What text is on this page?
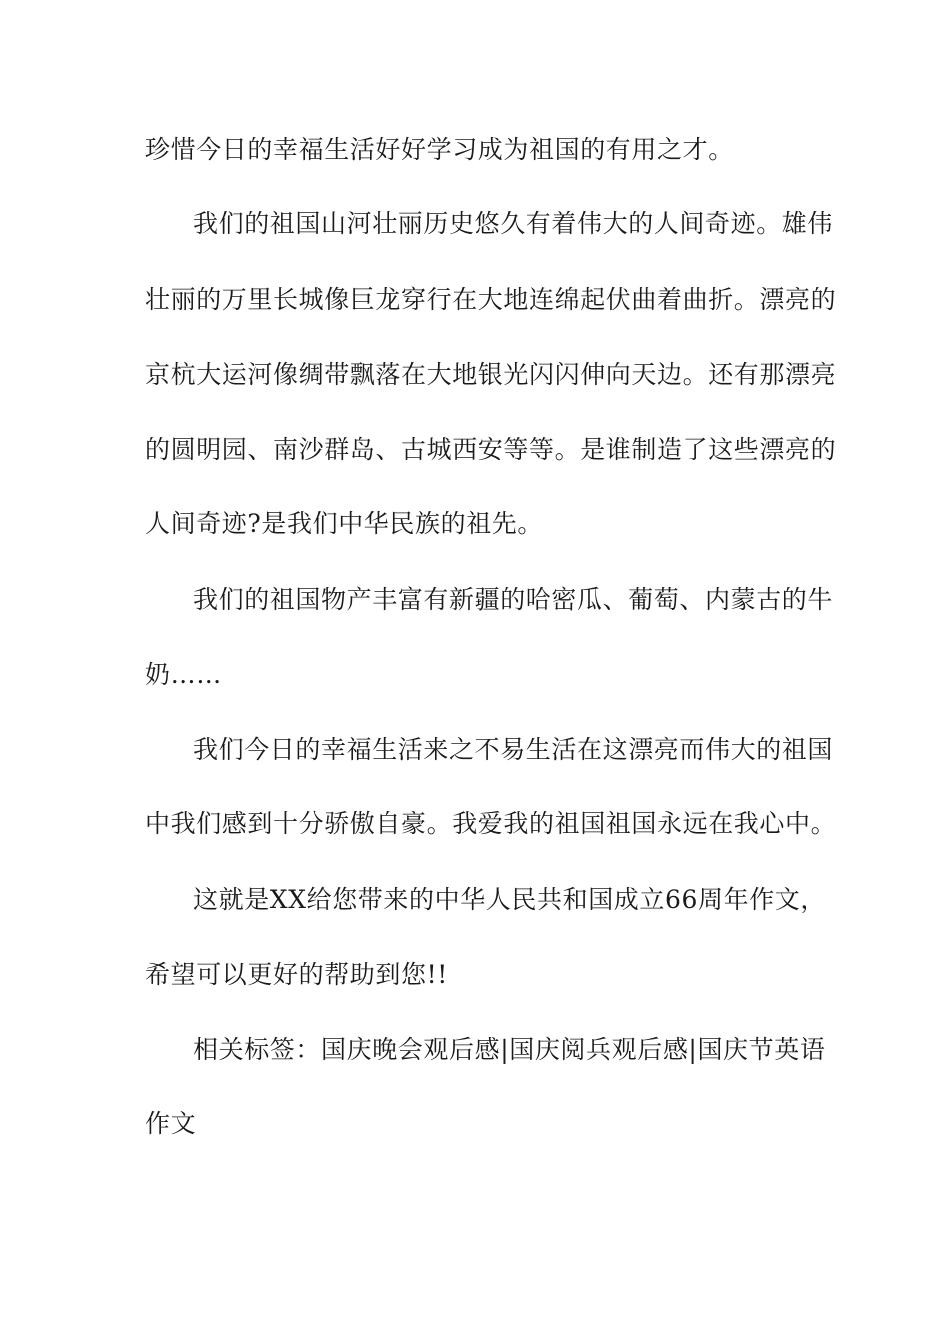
珍惜今日的幸福生活好好学习成为祖国的有用之才。
我们的祖国山河壮丽历史悠久有着伟大的人间奇迹。雄伟
壮丽的万里长城像巨龙穿行在大地连绵起伏曲着曲折。漂亮的
京杭大运河像绸带飘落在大地银光闪闪伸向天边。还有那漂亮
的圆明园、南沙群岛、古城西安等等。是谁制造了这些漂亮的
人间奇迹?是我们中华民族的祖先。
我们的祖国物产丰富有新疆的哈密瓜、葡萄、内蒙古的牛
奶……
我们今日的幸福生活来之不易生活在这漂亮而伟大的祖国
中我们感到十分骄傲自豪。我爱我的祖国祖国永远在我心中。
这就是XX给您带来的中华人民共和国成立66周年作文，
希望可以更好的帮助到您!!
相关标签：国庆晚会观后感|国庆阅兵观后感|国庆节英语
作文
